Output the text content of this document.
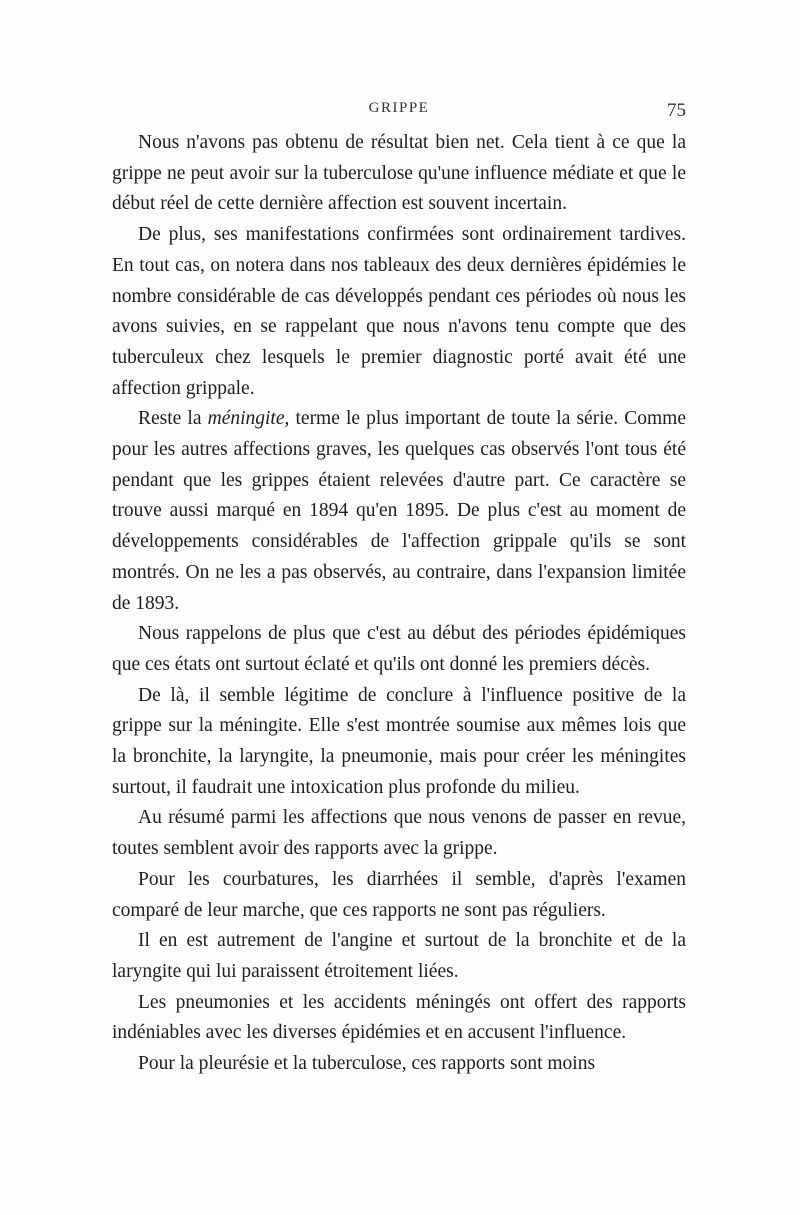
GRIPPE	75

Nous n'avons pas obtenu de résultat bien net. Cela tient à ce que la grippe ne peut avoir sur la tuberculose qu'une influence médiate et que le début réel de cette dernière affection est souvent incertain.

De plus, ses manifestations confirmées sont ordinairement tardives. En tout cas, on notera dans nos tableaux des deux dernières épidémies le nombre considérable de cas développés pendant ces périodes où nous les avons suivies, en se rappelant que nous n'avons tenu compte que des tuberculeux chez lesquels le premier diagnostic porté avait été une affection grippale.

Reste la méningite, terme le plus important de toute la série. Comme pour les autres affections graves, les quelques cas observés l'ont tous été pendant que les grippes étaient relevées d'autre part. Ce caractère se trouve aussi marqué en 1894 qu'en 1895. De plus c'est au moment de développements considérables de l'affection grippale qu'ils se sont montrés. On ne les a pas observés, au contraire, dans l'expansion limitée de 1893.

Nous rappelons de plus que c'est au début des périodes épidémiques que ces états ont surtout éclaté et qu'ils ont donné les premiers décès.

De là, il semble légitime de conclure à l'influence positive de la grippe sur la méningite. Elle s'est montrée soumise aux mêmes lois que la bronchite, la laryngite, la pneumonie, mais pour créer les méningites surtout, il faudrait une intoxication plus profonde du milieu.

Au résumé parmi les affections que nous venons de passer en revue, toutes semblent avoir des rapports avec la grippe.

Pour les courbatures, les diarrhées il semble, d'après l'examen comparé de leur marche, que ces rapports ne sont pas réguliers.

Il en est autrement de l'angine et surtout de la bronchite et de la laryngite qui lui paraissent étroitement liées.

Les pneumonies et les accidents méningés ont offert des rapports indéniables avec les diverses épidémies et en accusent l'influence.

Pour la pleurésie et la tuberculose, ces rapports sont moins
